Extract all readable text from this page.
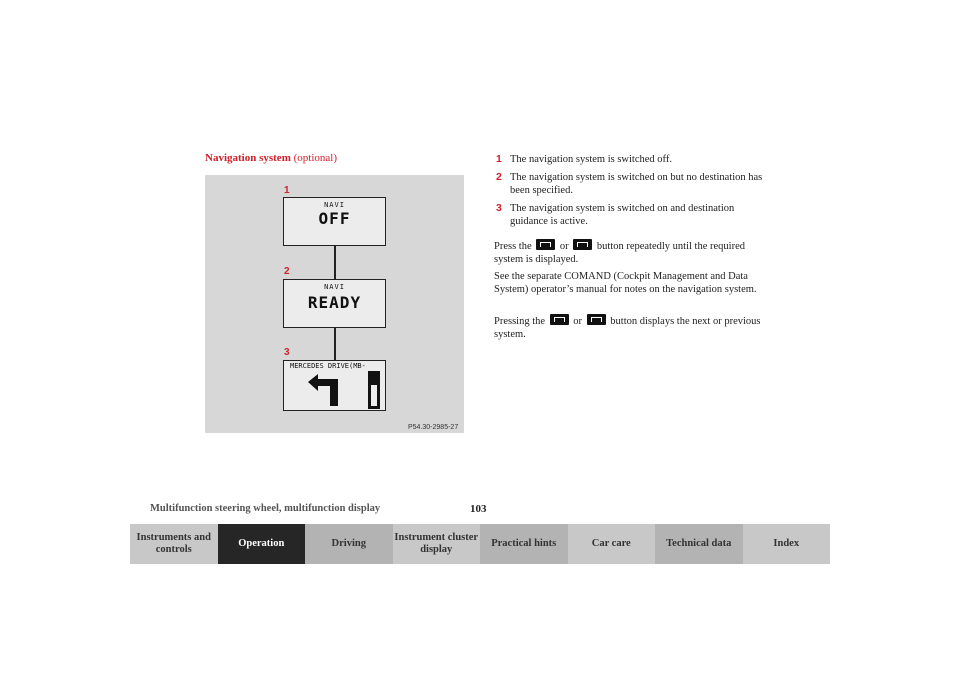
Navigation system (optional)
1
NAVI
OFF
2
NAVI
READY
3
MERCEDES DRIVE(MB-
P54.30-2985-27
1 The navigation system is switched off.
2 The navigation system is switched on but no destination has been specified.
3 The navigation system is switched on and destination guidance is active.
Press the	or	button repeatedly until the required system is displayed.
See the separate COMAND (Cockpit Management and Data System) operator’s manual for notes on the navigation system.
Pressing the	or	button displays the next or previous system.
Multifunction steering wheel, multifunction display	103
Instruments and controls
Operation	Driving
Instrument cluster display
Practical hints	Car care	Technical data	Index
